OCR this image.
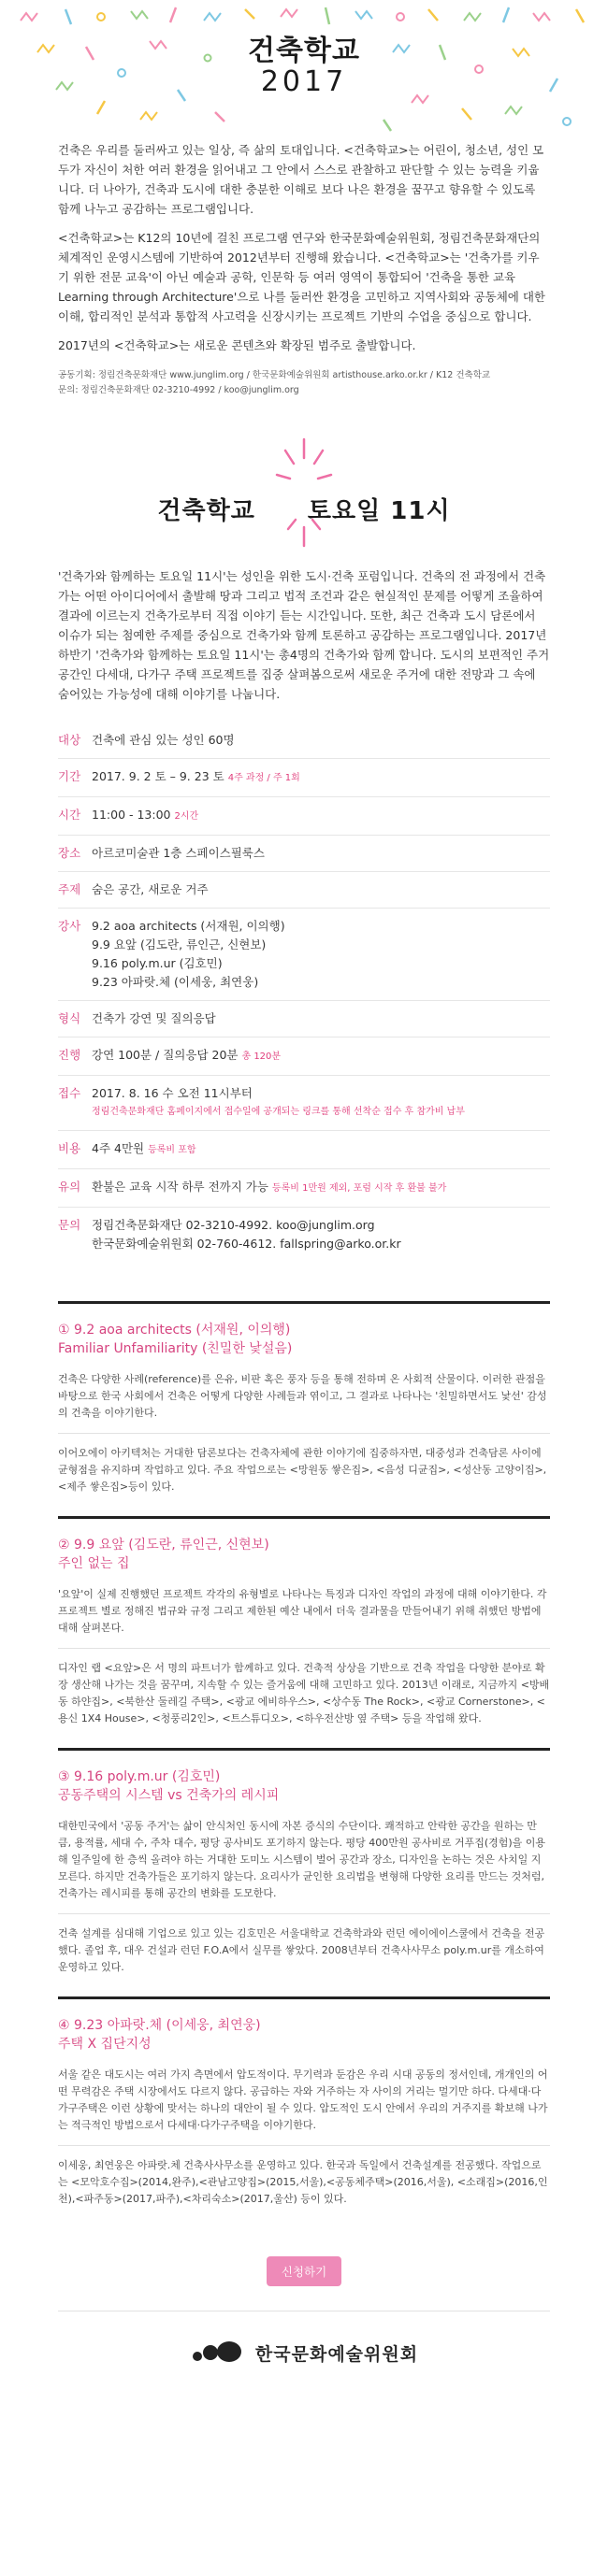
건축학교
2017

건축은 우리를 둘러싸고 있는 일상, 즉 삶의 토대입니다. <건축학교>는 어린이, 청소년, 성인 모두가 자신이 처한 여러 환경을 읽어내고 그 안에서 스스로 관찰하고 판단할 수 있는 능력을 키웁니다. 더 나아가, 건축과 도시에 대한 충분한 이해로 보다 나은 환경을 꿈꾸고 향유할 수 있도록 함께 나누고 공감하는 프로그램입니다.

<건축학교>는 K12의 10년에 걸친 프로그램 연구와 한국문화예술위원회, 정림건축문화재단의 체계적인 운영시스템에 기반하여 2012년부터 진행해 왔습니다. <건축학교>는 '건축가를 키우기 위한 전문 교육'이 아닌 예술과 공학, 인문학 등 여러 영역이 통합되어 '건축을 통한 교육 Learning through Architecture'으로 나를 둘러싼 환경을 고민하고 지역사회와 공동체에 대한 이해, 합리적인 분석과 통합적 사고력을 신장시키는 프로젝트 기반의 수업을 중심으로 합니다.

2017년의 <건축학교>는 새로운 콘텐츠와 확장된 범주로 출발합니다.

공동기획: 정림건축문화재단 www.junglim.org / 한국문화예술위원회 artisthouse.arko.or.kr / K12 건축학교
문의: 정림건축문화재단 02-3210-4992 / koo@junglim.org
건축학교 토요일 11시
'건축가와 함께하는 토요일 11시'는 성인을 위한 도시·건축 포럼입니다. 건축의 전 과정에서 건축가는 어떤 아이디어에서 출발해 땅과 그리고 법적 조건과 같은 현실적인 문제를 어떻게 조율하여 결과에 이르는지 건축가로부터 직접 이야기 듣는 시간입니다. 또한, 최근 건축과 도시 담론에서 이슈가 되는 첨예한 주제를 중심으로 건축가와 함께 토론하고 공감하는 프로그램입니다. 2017년 하반기 '건축가와 함께하는 토요일 11시'는 총4명의 건축가와 함께 합니다. 도시의 보편적인 주거 공간인 다세대, 다가구 주택 프로젝트를 집중 살펴봄으로써 새로운 주거에 대한 전망과 그 속에 숨어있는 가능성에 대해 이야기를 나눕니다.
대상 건축에 관심 있는 성인 60명
기간 2017. 9. 2 토 – 9. 23 토 4주 과정 / 주 1회
시간 11:00 - 13:00 2시간
장소 아르코미술관 1층 스페이스필룩스
주제 숨은 공간, 새로운 거주
강사 9.2 aoa architects (서재원, 이의행)
9.9 요앞 (김도란, 류인근, 신현보)
9.16 poly.m.ur (김호민)
9.23 아파랏.체 (이세웅, 최연웅)
형식 건축가 강연 및 질의응답
진행 강연 100분 / 질의응답 20분 총 120분
접수 2017. 8. 16 수 오전 11시부터
정림건축문화재단 홈페이지에서 접수일에 공개되는 링크를 통해 선착순 접수 후 참가비 납부
비용 4주 4만원 등록비 포함
유의 환불은 교육 시작 하루 전까지 가능 등록비 1만원 제외, 포럼 시작 후 환불 불가
문의 정림건축문화재단 02-3210-4992. koo@junglim.org
한국문화예술위원회 02-760-4612. fallspring@arko.or.kr
① 9.2 aoa architects (서재원, 이의행)
Familiar Unfamiliarity (친밀한 낯설음)

건축은 다양한 사례(reference)를 은유, 비판 혹은 풍자 등을 통해 전하며 온 사회적 산물이다. 이러한 관점을 바탕으로 한국 사회에서 건축은 어떻게 다양한 사례들과 엮이고, 그 결과로 나타나는 '친밀하면서도 낯선' 감성의 건축을 이야기한다.

이어오에이 아키텍처는 거대한 담론보다는 건축자체에 관한 이야기에 집중하자면, 대중성과 건축담론 사이에 균형점을 유지하며 작업하고 있다. 주요 작업으로는 <망원동 쌓은집>, <음성 디균집>, <성산동 고양이집>, <제주 쌓은집>등이 있다.

② 9.9 요앞 (김도란, 류인근, 신현보)
주인 없는 집

'요앞'이 실제 진행했던 프로젝트 각각의 유형별로 나타나는 특징과 디자인 작업의 과정에 대해 이야기한다. 각 프로젝트 별로 정해진 법규와 규정 그리고 제한된 예산 내에서 더욱 결과물을 만들어내기 위해 취했던 방법에 대해 살펴본다.

디자인 랩 <요앞>은 서 명의 파트너가 함께하고 있다. 건축적 상상을 기반으로 건축 작업을 다양한 분야로 확장 생산해 나가는 것을 꿈꾸며, 지속할 수 있는 즐거움에 대해 고민하고 있다. 2013년 이래로, 지금까지 <방배동 하얀집>, <북한산 둘레길 주택>, <광교 에비하우스>, <상수동 The Rock>, <광교 Cornerstone>, <용신 1X4 House>, <청풍리2인>, <트스튜디오>, <하우전산방 옆 주택> 등을 작업해 왔다.

③ 9.16 poly.m.ur (김호민)
공동주택의 시스템 vs 건축가의 레시피

대한민국에서 '공동 주거'는 삶이 안식처인 동시에 자본 증식의 수단이다. 쾌적하고 안락한 공간을 원하는 만큼, 용적률, 세대 수, 주차 대수, 평당 공사비도 포기하지 않는다. 평당 400만원 공사비로 거푸집(경험)을 이용해 일주일에 한 층씩 올려야 하는 거대한 도미노 시스템이 벌어 공간과 장소, 디자인을 논하는 것은 사치일 지 모른다. 하지만 건축가들은 포기하지 않는다. 요리사가 균인한 요리법을 변형해 다양한 요리를 만드는 것처럼, 건축가는 레시피를 통해 공간의 변화를 도모한다.

건축 설계를 심대해 기업으로 있고 있는 김호민은 서울대학교 건축학과와 런던 에이에이스쿨에서 건축을 전공했다. 졸업 후, 대우 건설과 런던 F.O.A에서 실무를 쌓았다. 2008년부터 건축사사무소 poly.m.ur를 개소하여 운영하고 있다.

④ 9.23 아파랏.체 (이세웅, 최연웅)
주택 X 집단지성

서울 같은 대도시는 여러 가지 측면에서 압도적이다. 무기력과 둔감은 우리 시대 공동의 정서인데, 개개인의 어떤 무력감은 주택 시장에서도 다르지 않다. 공급하는 자와 거주하는 자 사이의 거리는 멀기만 하다. 다세대·다가구주택은 이런 상황에 맞서는 하나의 대안이 될 수 있다. 압도적인 도시 안에서 우리의 거주지를 확보해 나가는 적극적인 방법으로서 다세대·다가구주택을 이야기한다.

이세웅, 최연웅은 아파랏.체 건축사사무소를 운영하고 있다. 한국과 독일에서 건축설계를 전공했다. 작업으로는 <모악호수집>(2014,완주),<관남고양집>(2015,서울),<공동체주택>(2016,서울), <소래집>(2016,인천),<파주동>(2017,파주),<차리숙소>(2017,울산) 등이 있다.

신청하기
한국문화예술위원회
